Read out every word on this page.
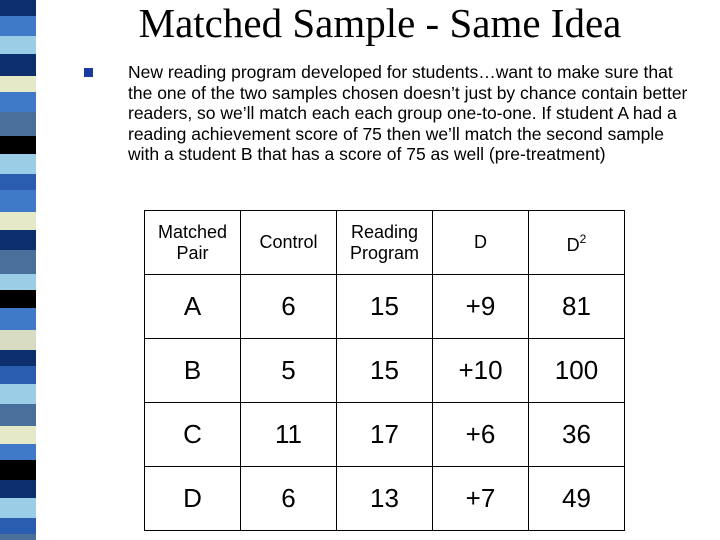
Matched Sample - Same Idea
New reading program developed for students…want to make sure that the one of the two samples chosen doesn’t just by chance contain better readers, so we’ll match each each group one-to-one. If student A had a reading achievement score of 75 then we’ll match the second sample with a student B that has a score of 75 as well (pre-treatment)
Matched Pair	Control	Reading Program	D	$D^2$
A	6	15	+9	81
B	5	15	+10	100
C	11	17	+6	36
D	6	13	+7	49
